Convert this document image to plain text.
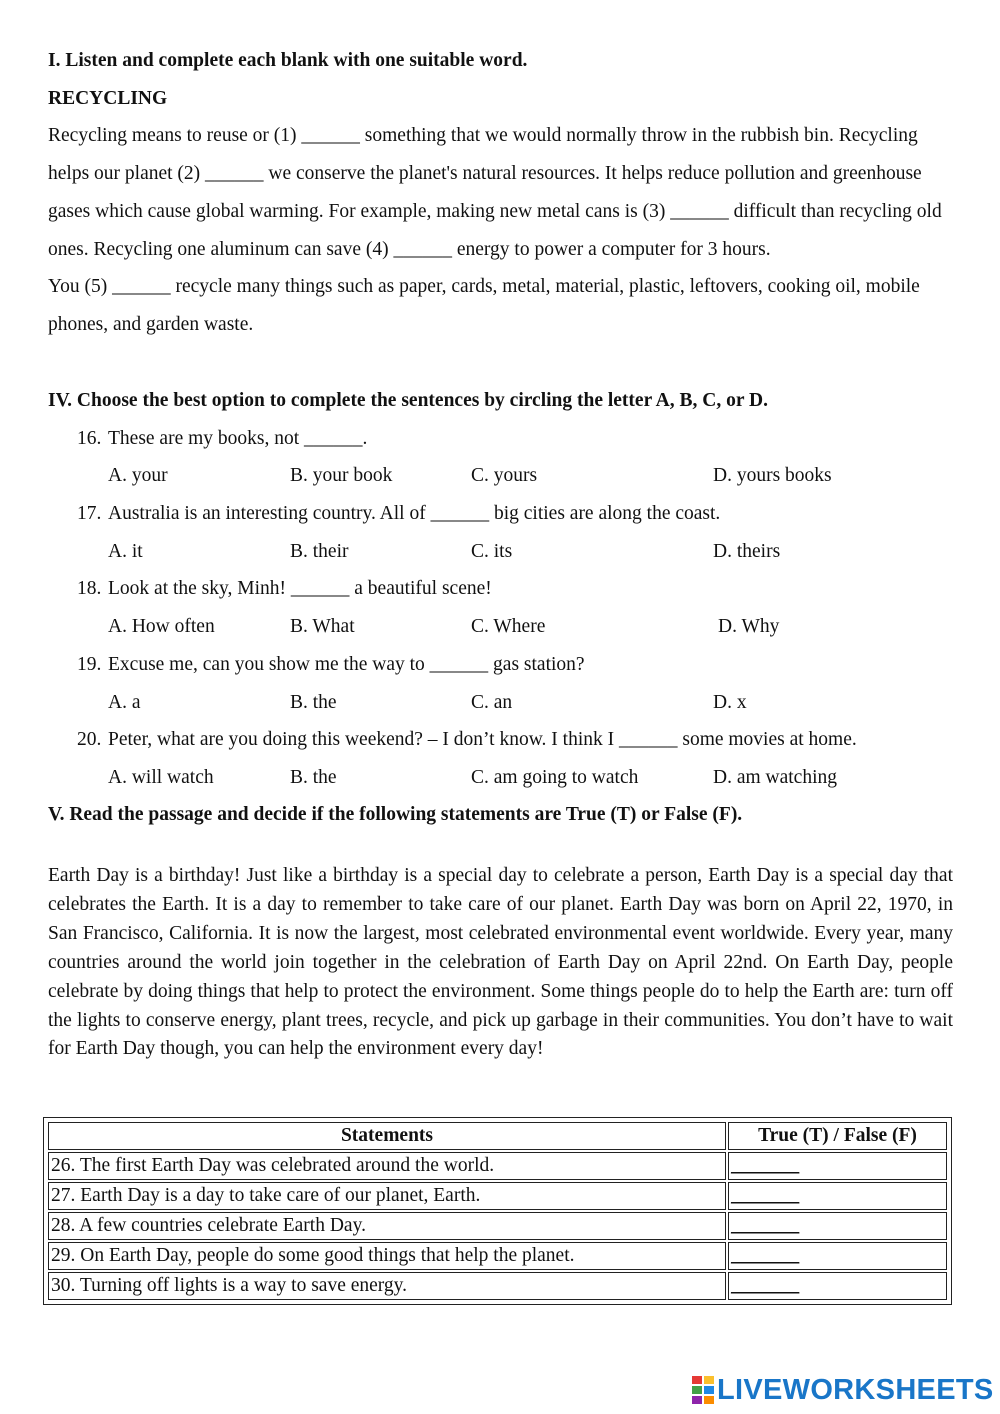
I. Listen and complete each blank with one suitable word.

RECYCLING

Recycling means to reuse or (1) ______ something that we would normally throw in the rubbish bin. Recycling helps our planet (2) ______ we conserve the planet's natural resources. It helps reduce pollution and greenhouse gases which cause global warming. For example, making new metal cans is (3) ______ difficult than recycling old ones. Recycling one aluminum can save (4) ______ energy to power a computer for 3 hours.

You (5) ______ recycle many things such as paper, cards, metal, material, plastic, leftovers, cooking oil, mobile phones, and garden waste.

IV. Choose the best option to complete the sentences by circling the letter A, B, C, or D.
16. These are my books, not ______.
A. your	B. your book	C. yours	D. yours books
17. Australia is an interesting country. All of ______ big cities are along the coast.
A. it	B. their	C. its	D. theirs
18. Look at the sky, Minh! ______ a beautiful scene!
A. How often	B. What	C. Where	D. Why
19. Excuse me, can you show me the way to ______ gas station?
A. a	B. the	C. an	D. x
20. Peter, what are you doing this weekend? – I don’t know. I think I ______ some movies at home.
A. will watch	B. the	C. am going to watch	D. am watching
V. Read the passage and decide if the following statements are True (T) or False (F).

Earth Day is a birthday! Just like a birthday is a special day to celebrate a person, Earth Day is a special day that celebrates the Earth. It is a day to remember to take care of our planet. Earth Day was born on April 22, 1970, in San Francisco, California. It is now the largest, most celebrated environmental event worldwide. Every year, many countries around the world join together in the celebration of Earth Day on April 22nd. On Earth Day, people celebrate by doing things that help to protect the environment. Some things people do to help the Earth are: turn off the lights to conserve energy, plant trees, recycle, and pick up garbage in their communities. You don’t have to wait for Earth Day though, you can help the environment every day!

Statements	True (T) / False (F)
26. The first Earth Day was celebrated around the world.	_______
27. Earth Day is a day to take care of our planet, Earth.	_______
28. A few countries celebrate Earth Day.	_______
29. On Earth Day, people do some good things that help the planet.	_______
30. Turning off lights is a way to save energy.	_______
LIVEWORKSHEETS
